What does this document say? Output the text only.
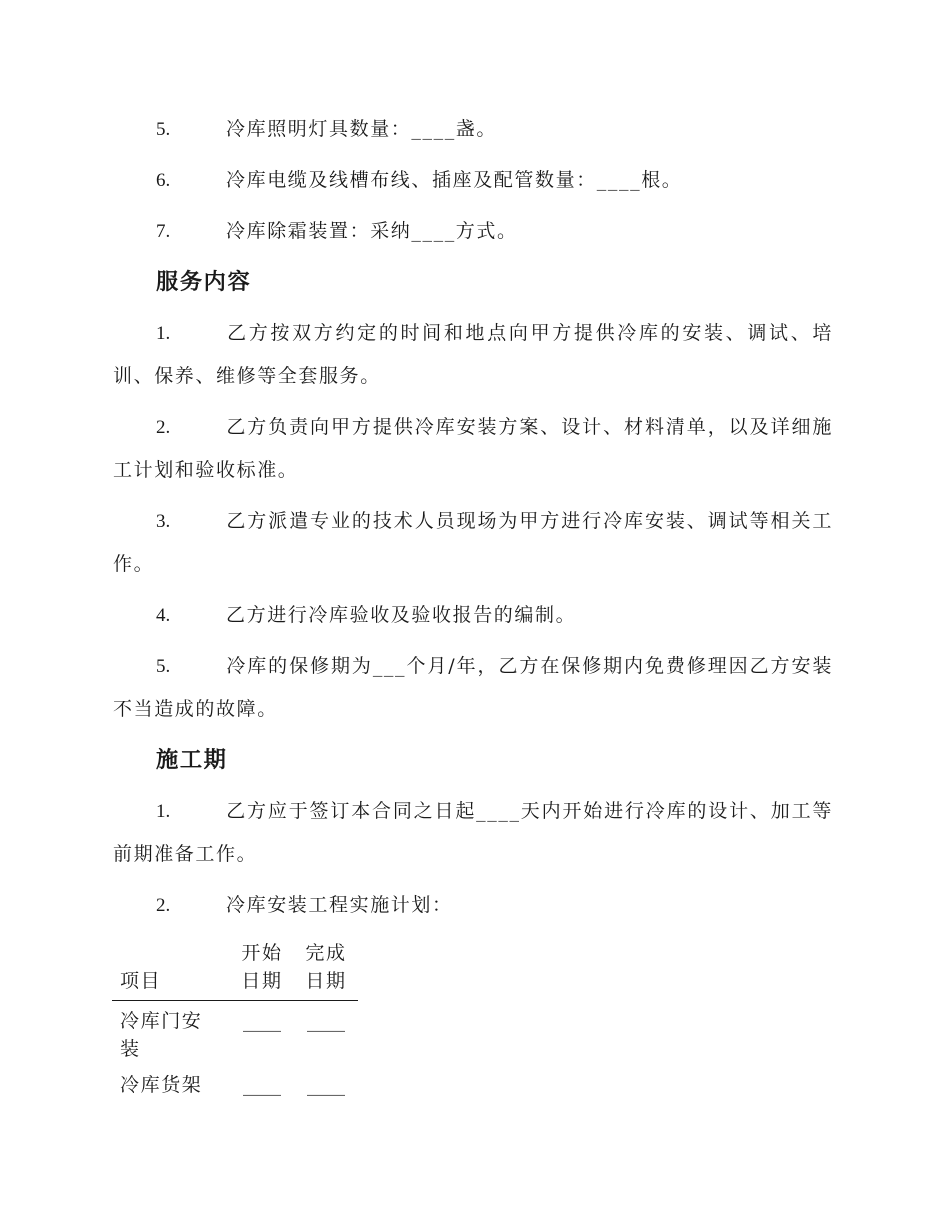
5.	冷库照明灯具数量：____盏。

6.	冷库电缆及线槽布线、插座及配管数量：____根。

7.	冷库除霜装置：采纳____方式。

服务内容

1.	乙方按双方约定的时间和地点向甲方提供冷库的安装、调试、培训、保养、维修等全套服务。

2.	乙方负责向甲方提供冷库安装方案、设计、材料清单，以及详细施工计划和验收标准。

3.	乙方派遣专业的技术人员现场为甲方进行冷库安装、调试等相关工作。

4.	乙方进行冷库验收及验收报告的编制。

5.	冷库的保修期为___个月/年，乙方在保修期内免费修理因乙方安装不当造成的故障。

施工期

1.	乙方应于签订本合同之日起____天内开始进行冷库的设计、加工等前期准备工作。

2.	冷库安装工程实施计划：

项目	开始日期	完成日期
冷库门安装	____	____
冷库货架	____	____
